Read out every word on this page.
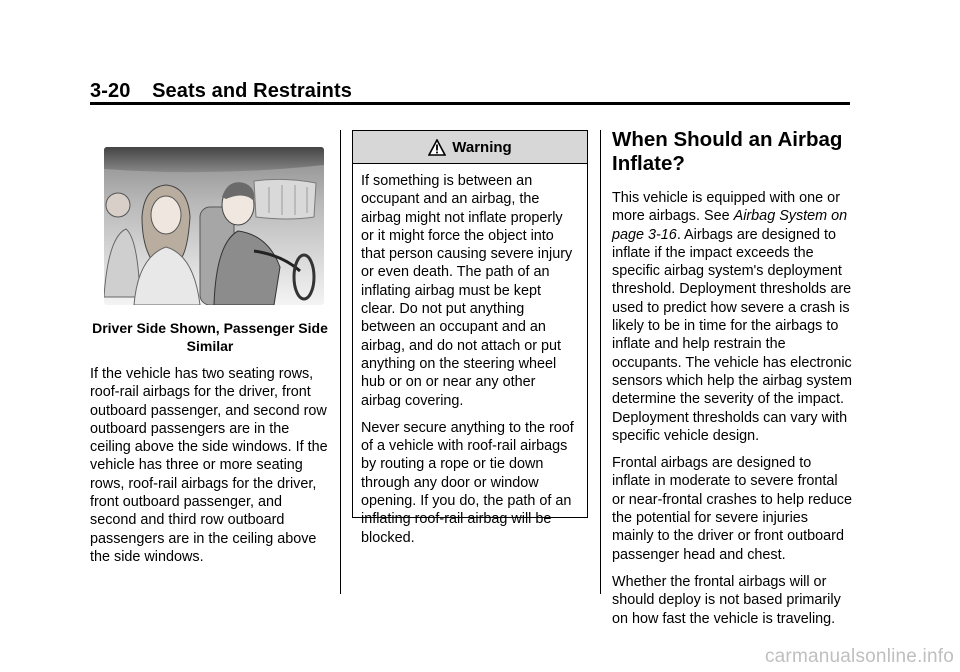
3-20 Seats and Restraints
Driver Side Shown, Passenger Side Similar

If the vehicle has two seating rows, roof-rail airbags for the driver, front outboard passenger, and second row outboard passengers are in the ceiling above the side windows. If the vehicle has three or more seating rows, roof-rail airbags for the driver, front outboard passenger, and second and third row outboard passengers are in the ceiling above the side windows.

Warning

If something is between an occupant and an airbag, the airbag might not inflate properly or it might force the object into that person causing severe injury or even death. The path of an inflating airbag must be kept clear. Do not put anything between an occupant and an airbag, and do not attach or put anything on the steering wheel hub or on or near any other airbag covering.

Never secure anything to the roof of a vehicle with roof-rail airbags by routing a rope or tie down through any door or window opening. If you do, the path of an inflating roof-rail airbag will be blocked.

When Should an Airbag Inflate?

This vehicle is equipped with one or more airbags. See Airbag System on page 3-16. Airbags are designed to inflate if the impact exceeds the specific airbag system's deployment threshold. Deployment thresholds are used to predict how severe a crash is likely to be in time for the airbags to inflate and help restrain the occupants. The vehicle has electronic sensors which help the airbag system determine the severity of the impact. Deployment thresholds can vary with specific vehicle design.

Frontal airbags are designed to inflate in moderate to severe frontal or near-frontal crashes to help reduce the potential for severe injuries mainly to the driver or front outboard passenger head and chest.

Whether the frontal airbags will or should deploy is not based primarily on how fast the vehicle is traveling.

carmanualsonline.info
